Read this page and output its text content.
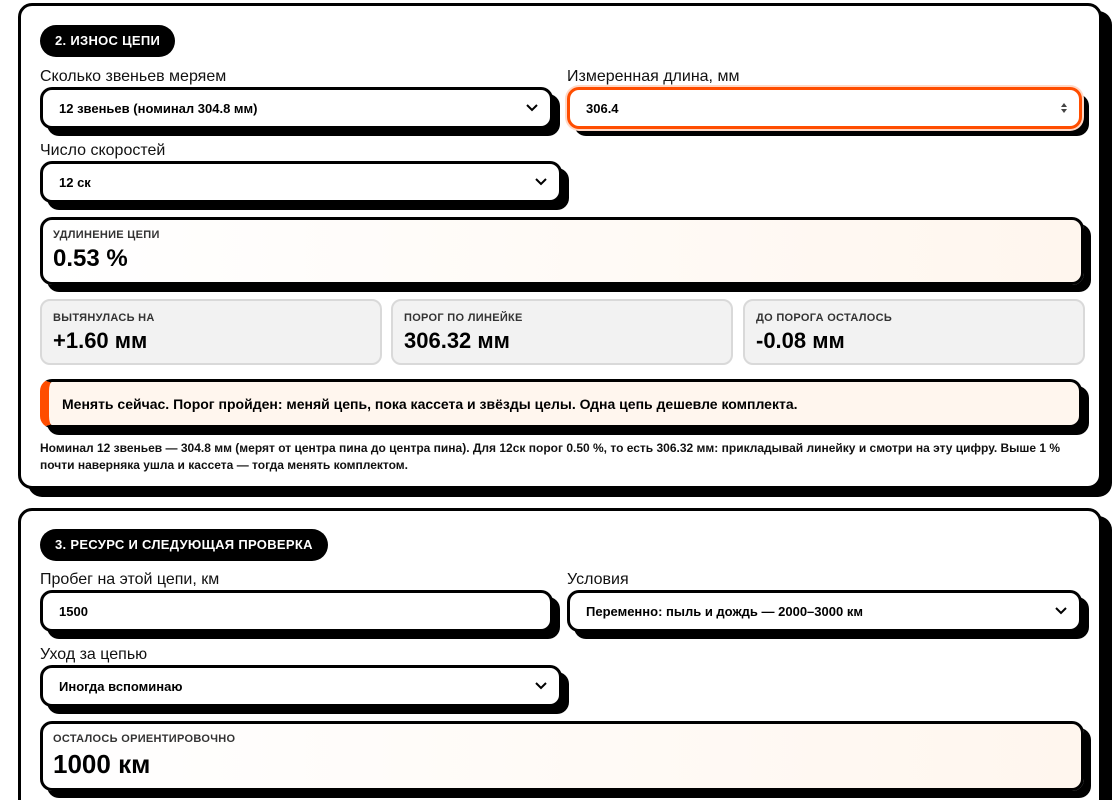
2. ИЗНОС ЦЕПИ
Сколько звеньев меряем
12 звеньев (номинал 304.8 мм)
Измеренная длина, мм
306.4
Число скоростей
12 ск
УДЛИНЕНИЕ ЦЕПИ
0.53 %
ВЫТЯНУЛАСЬ НА
+1.60 мм
ПОРОГ ПО ЛИНЕЙКЕ
306.32 мм
ДО ПОРОГА ОСТАЛОСЬ
-0.08 мм
Менять сейчас. Порог пройден: меняй цепь, пока кассета и звёзды целы. Одна цепь дешевле комплекта.
Номинал 12 звеньев — 304.8 мм (мерят от центра пина до центра пина). Для 12ск порог 0.50 %, то есть 306.32 мм: прикладывай линейку и смотри на эту цифру. Выше 1 % почти наверняка ушла и кассета — тогда менять комплектом.
3. РЕСУРС И СЛЕДУЮЩАЯ ПРОВЕРКА
Пробег на этой цепи, км
1500
Условия
Переменно: пыль и дождь — 2000–3000 км
Уход за цепью
Иногда вспоминаю
ОСТАЛОСЬ ОРИЕНТИРОВОЧНО
1000 км
